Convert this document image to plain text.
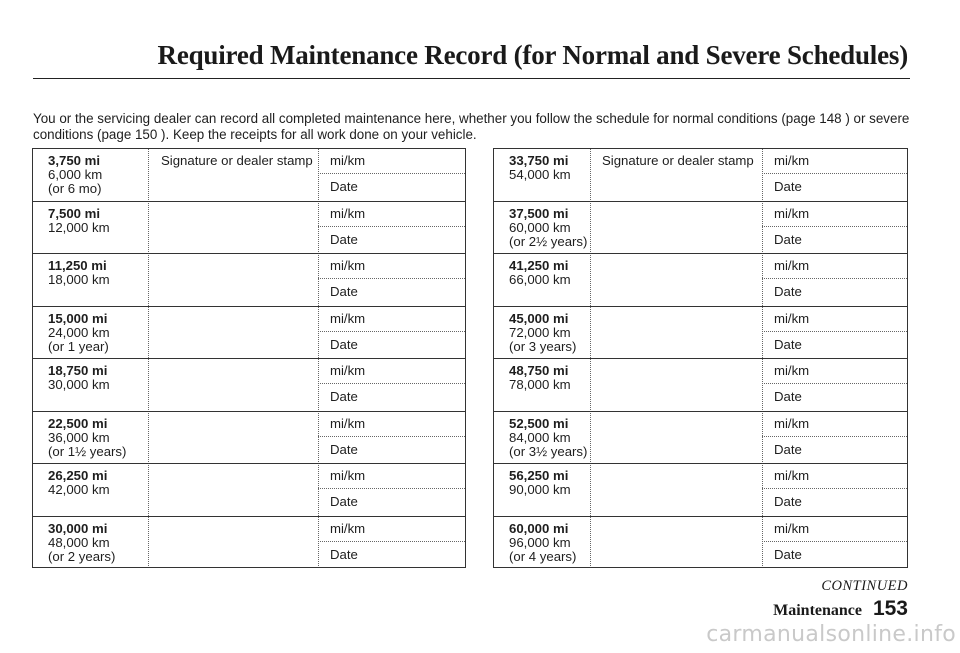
Required Maintenance Record (for Normal and Severe Schedules)
You or the servicing dealer can record all completed maintenance here, whether you follow the schedule for normal conditions (page 148 ) or severe conditions (page 150 ). Keep the receipts for all work done on your vehicle.
3,750 mi
6,000 km
(or 6 mo)
Signature or dealer stamp mi/km
Date
7,500 mi
12,000 km
mi/km
Date
11,250 mi
18,000 km
mi/km
Date
15,000 mi
24,000 km
(or 1 year)
mi/km
Date
18,750 mi
30,000 km
mi/km
Date
22,500 mi
36,000 km
(or 1½ years)
mi/km
Date
26,250 mi
42,000 km
mi/km
Date
30,000 mi
48,000 km
(or 2 years)
mi/km
Date
33,750 mi
54,000 km
Signature or dealer stamp mi/km
Date
37,500 mi
60,000 km
(or 2½ years)
mi/km
Date
41,250 mi
66,000 km
mi/km
Date
45,000 mi
72,000 km
(or 3 years)
mi/km
Date
48,750 mi
78,000 km
mi/km
Date
52,500 mi
84,000 km
(or 3½ years)
mi/km
Date
56,250 mi
90,000 km
mi/km
Date
60,000 mi
96,000 km
(or 4 years)
mi/km
Date
CONTINUED
Maintenance 153
carmanualsonline.info
